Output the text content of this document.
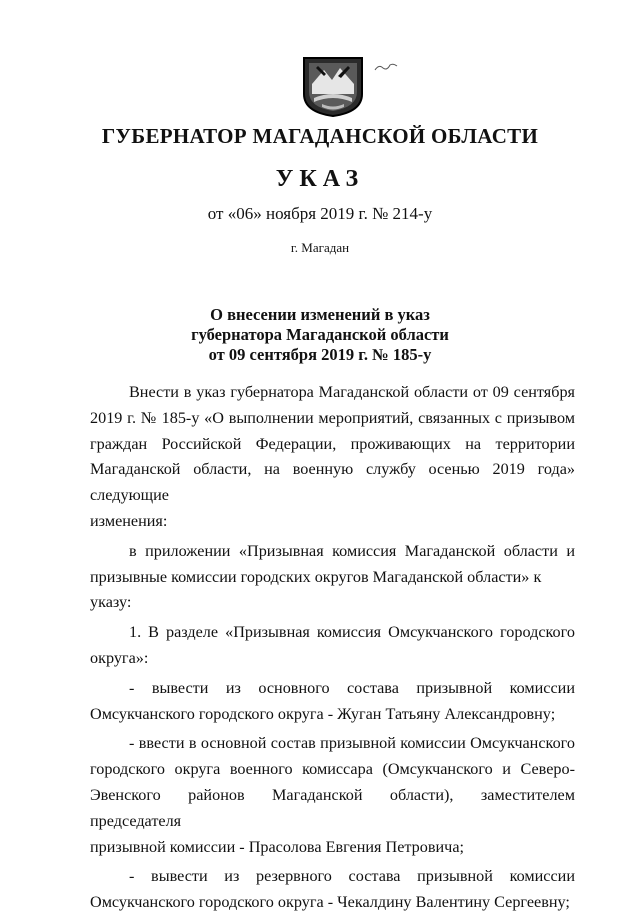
ГУБЕРНАТОР МАГАДАНСКОЙ ОБЛАСТИ
УКАЗ
от «06» ноября 2019 г. № 214-у
г. Магадан
О внесении изменений в указ
губернатора Магаданской области
от 09 сентября 2019 г. № 185-у

Внести в указ губернатора Магаданской области от 09 сентября
2019 г. № 185-у «О выполнении мероприятий, связанных с призывом
граждан Российской Федерации, проживающих на территории
Магаданской области, на военную службу осенью 2019 года» следующие
изменения:

в приложении «Призывная комиссия Магаданской области и
призывные комиссии городских округов Магаданской области» к указу:

1. В разделе «Призывная комиссия Омсукчанского городского
округа»:

- вывести из основного состава призывной комиссии
Омсукчанского городского округа - Жуган Татьяну Александровну;

- ввести в основной состав призывной комиссии Омсукчанского
городского округа военного комиссара (Омсукчанского и Северо-
Эвенского районов Магаданской области), заместителем председателя
призывной комиссии - Прасолова Евгения Петровича;

- вывести из резервного состава призывной комиссии
Омсукчанского городского округа - Чекалдину Валентину Сергеевну;
